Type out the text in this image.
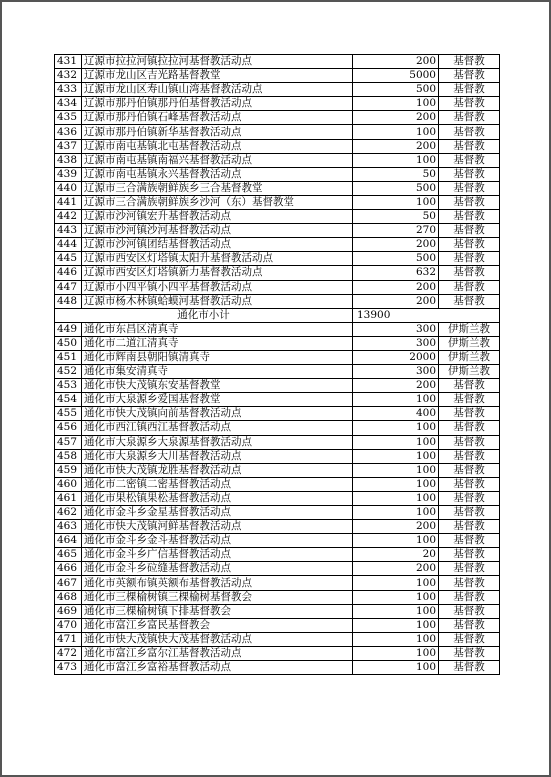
431	辽源市拉拉河镇拉拉河基督教活动点	200	基督教
432	辽源市龙山区吉光路基督教堂	5000	基督教
433	辽源市龙山区寿山镇山湾基督教活动点	500	基督教
434	辽源市那丹伯镇那丹伯基督教活动点	100	基督教
435	辽源市那丹伯镇石峰基督教活动点	200	基督教
436	辽源市那丹伯镇新华基督教活动点	100	基督教
437	辽源市南屯基镇北屯基督教活动点	200	基督教
438	辽源市南屯基镇南福兴基督教活动点	100	基督教
439	辽源市南屯基镇永兴基督教活动点	50	基督教
440	辽源市三合满族朝鲜族乡三合基督教堂	500	基督教
441	辽源市三合满族朝鲜族乡沙河（东）基督教堂	100	基督教
442	辽源市沙河镇宏升基督教活动点	50	基督教
443	辽源市沙河镇沙河基督教活动点	270	基督教
444	辽源市沙河镇团结基督教活动点	200	基督教
445	辽源市西安区灯塔镇太阳升基督教活动点	500	基督教
446	辽源市西安区灯塔镇新力基督教活动点	632	基督教
447	辽源市小四平镇小四平基督教活动点	200	基督教
448	辽源市杨木林镇蛤蟆河基督教活动点	200	基督教
通化市小计		13900	
449	通化市东昌区清真寺	300	伊斯兰教
450	通化市二道江清真寺	300	伊斯兰教
451	通化市辉南县朝阳镇清真寺	2000	伊斯兰教
452	通化市集安清真寺	300	伊斯兰教
453	通化市快大茂镇东安基督教堂	200	基督教
454	通化市大泉源乡爱国基督教堂	100	基督教
455	通化市快大茂镇向前基督教活动点	400	基督教
456	通化市西江镇西江基督教活动点	100	基督教
457	通化市大泉源乡大泉源基督教活动点	100	基督教
458	通化市大泉源乡大川基督教活动点	100	基督教
459	通化市快大茂镇龙胜基督教活动点	100	基督教
460	通化市二密镇二密基督教活动点	100	基督教
461	通化市果松镇果松基督教活动点	100	基督教
462	通化市金斗乡金星基督教活动点	100	基督教
463	通化市快大茂镇河鲜基督教活动点	200	基督教
464	通化市金斗乡金斗基督教活动点	100	基督教
465	通化市金斗乡广信基督教活动点	20	基督教
466	通化市金斗乡砬缝基督教活动点	200	基督教
467	通化市英额布镇英额布基督教活动点	100	基督教
468	通化市三棵榆树镇三棵榆树基督教会	100	基督教
469	通化市三棵榆树镇下排基督教会	100	基督教
470	通化市富江乡富民基督教会	100	基督教
471	通化市快大茂镇快大茂基督教活动点	100	基督教
472	通化市富江乡富尔江基督教活动点	100	基督教
473	通化市富江乡富裕基督教活动点	100	基督教
